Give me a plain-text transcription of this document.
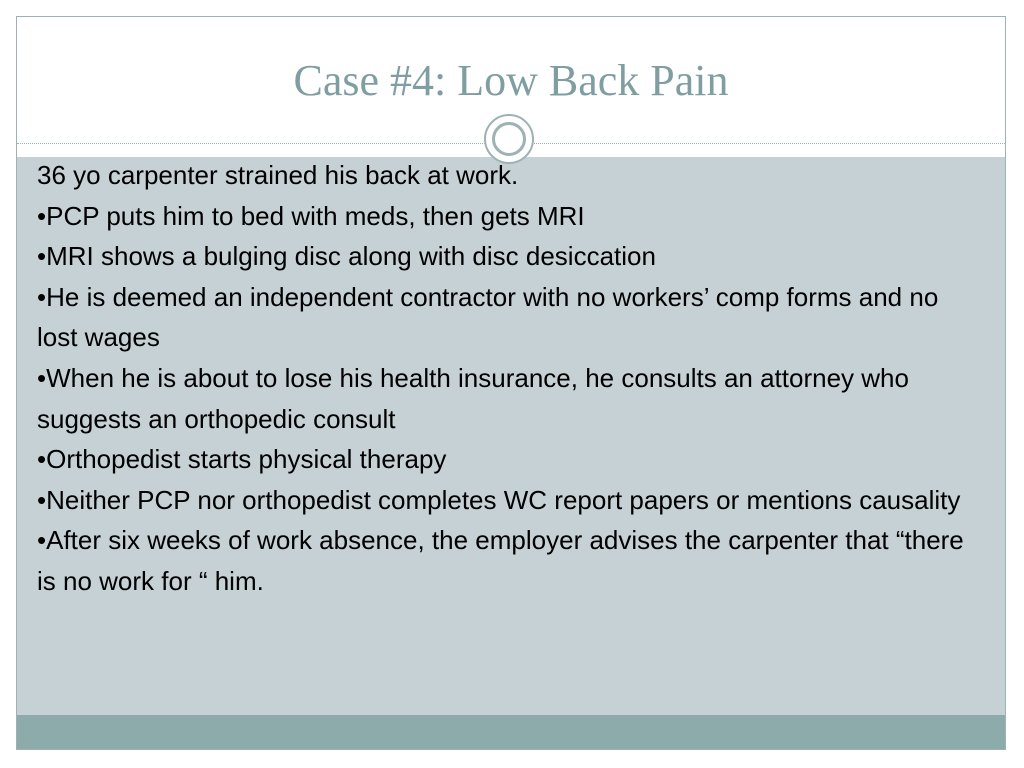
Case #4: Low Back Pain

36 yo carpenter strained his back at work.

•PCP puts him to bed with meds, then gets MRI

•MRI shows a bulging disc along with disc desiccation

•He is deemed an independent contractor with no workers’ comp forms and no lost wages

•When he is about to lose his health insurance, he consults an attorney who suggests an orthopedic consult

•Orthopedist starts physical therapy

•Neither PCP nor orthopedist completes WC report papers or mentions causality

•After six weeks of work absence, the employer advises the carpenter that “there is no work for “ him.
